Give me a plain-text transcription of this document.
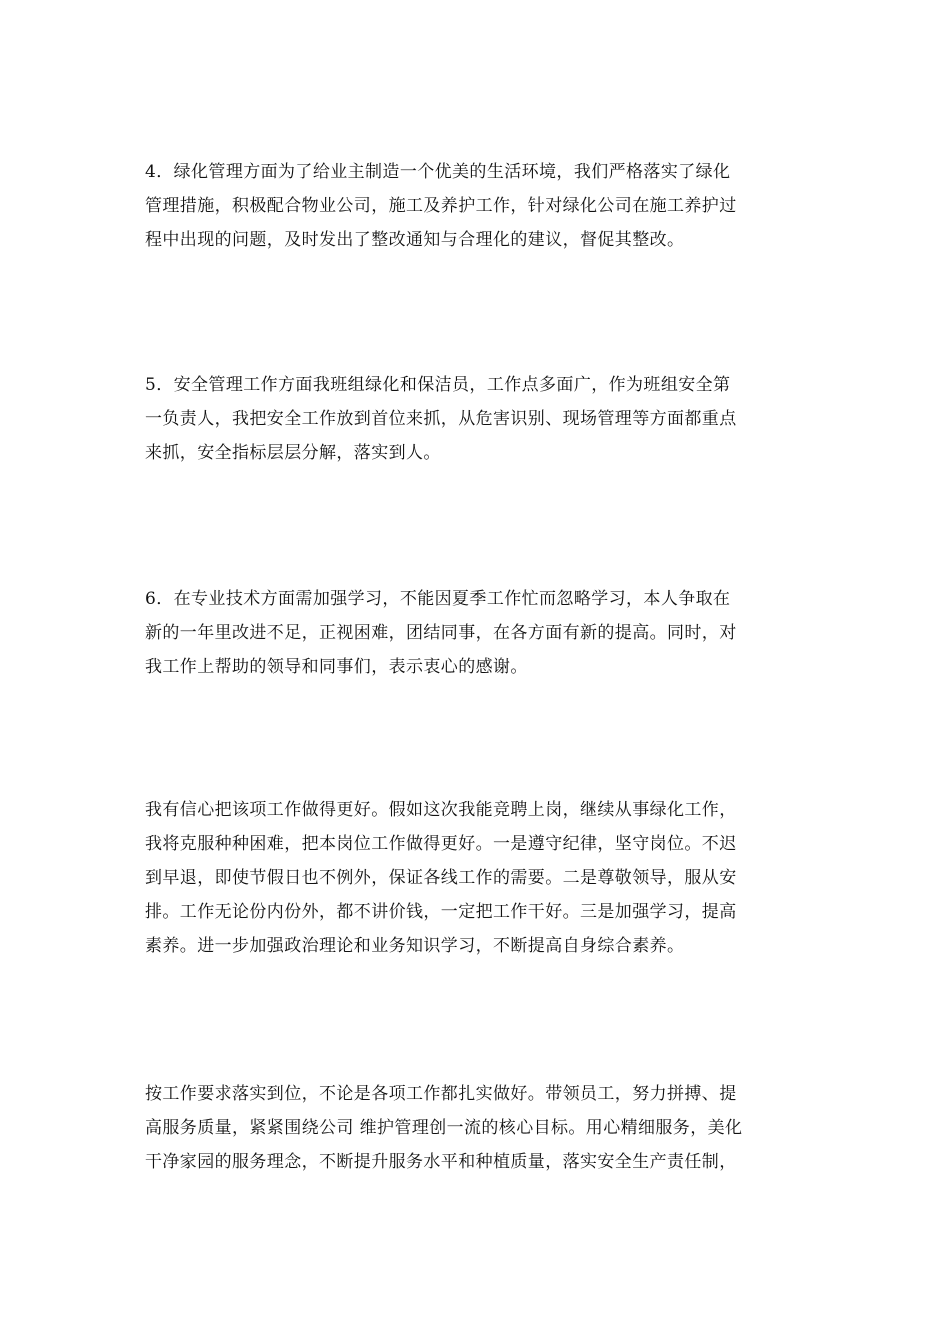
4．绿化管理方面为了给业主制造一个优美的生活环境，我们严格落实了绿化
管理措施，积极配合物业公司，施工及养护工作，针对绿化公司在施工养护过
程中出现的问题，及时发出了整改通知与合理化的建议，督促其整改。

5．安全管理工作方面我班组绿化和保洁员，工作点多面广，作为班组安全第
一负责人，我把安全工作放到首位来抓，从危害识别、现场管理等方面都重点
来抓，安全指标层层分解，落实到人。

6．在专业技术方面需加强学习，不能因夏季工作忙而忽略学习，本人争取在
新的一年里改进不足，正视困难，团结同事，在各方面有新的提高。同时，对
我工作上帮助的领导和同事们，表示衷心的感谢。

我有信心把该项工作做得更好。假如这次我能竞聘上岗，继续从事绿化工作，
我将克服种种困难，把本岗位工作做得更好。一是遵守纪律，坚守岗位。不迟
到早退，即使节假日也不例外，保证各线工作的需要。二是尊敬领导，服从安
排。工作无论份内份外，都不讲价钱，一定把工作干好。三是加强学习，提高
素养。进一步加强政治理论和业务知识学习，不断提高自身综合素养。

按工作要求落实到位，不论是各项工作都扎实做好。带领员工，努力拼搏、提
高服务质量，紧紧围绕公司 维护管理创一流的核心目标。用心精细服务，美化
干净家园的服务理念，不断提升服务水平和种植质量，落实安全生产责任制，
